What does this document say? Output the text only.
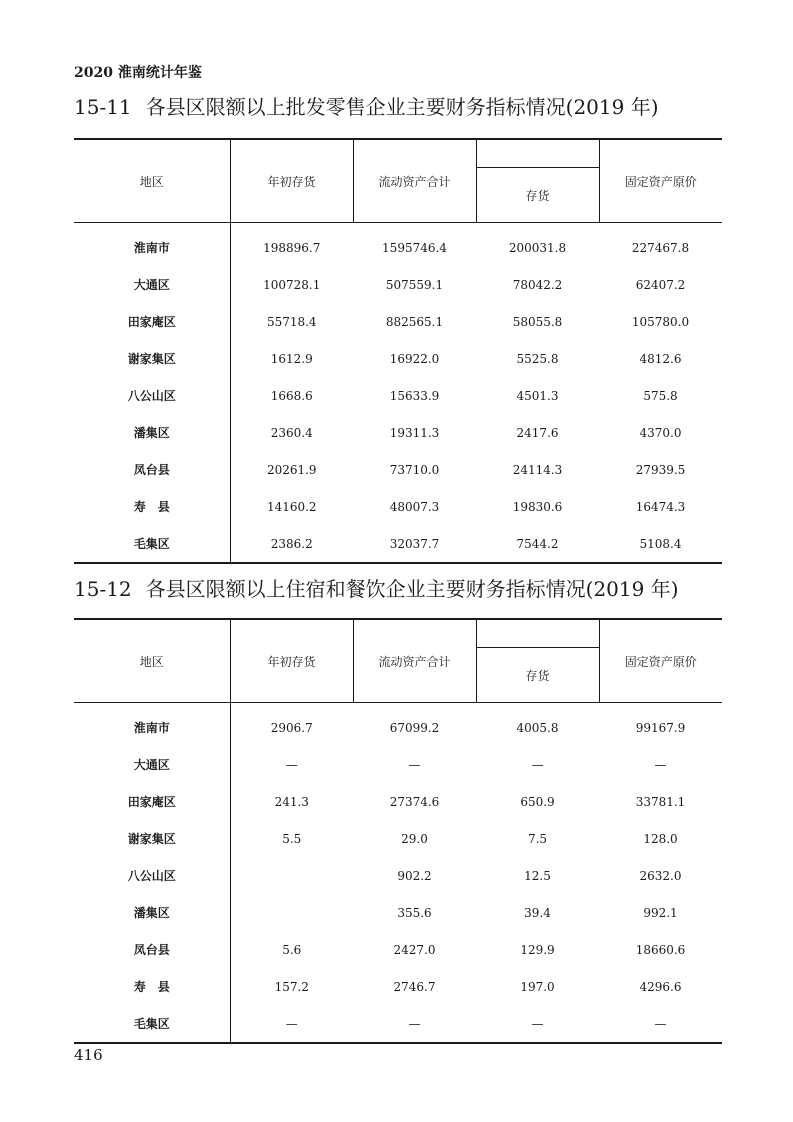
2020 淮南统计年鉴
15-11 各县区限额以上批发零售企业主要财务指标情况(2019 年)
地区	年初存货	流动资产合计		固定资产原价
			存货	
淮南市	198896.7	1595746.4	200031.8	227467.8
大通区	100728.1	507559.1	78042.2	62407.2
田家庵区	55718.4	882565.1	58055.8	105780.0
谢家集区	1612.9	16922.0	5525.8	4812.6
八公山区	1668.6	15633.9	4501.3	575.8
潘集区	2360.4	19311.3	2417.6	4370.0
凤台县	20261.9	73710.0	24114.3	27939.5
寿　县	14160.2	48007.3	19830.6	16474.3
毛集区	2386.2	32037.7	7544.2	5108.4
15-12 各县区限额以上住宿和餐饮企业主要财务指标情况(2019 年)
地区	年初存货	流动资产合计		固定资产原价
			存货	
淮南市	2906.7	67099.2	4005.8	99167.9
大通区	—	—	—	—
田家庵区	241.3	27374.6	650.9	33781.1
谢家集区	5.5	29.0	7.5	128.0
八公山区		902.2	12.5	2632.0
潘集区		355.6	39.4	992.1
凤台县	5.6	2427.0	129.9	18660.6
寿　县	157.2	2746.7	197.0	4296.6
毛集区	—	—	—	—
416
